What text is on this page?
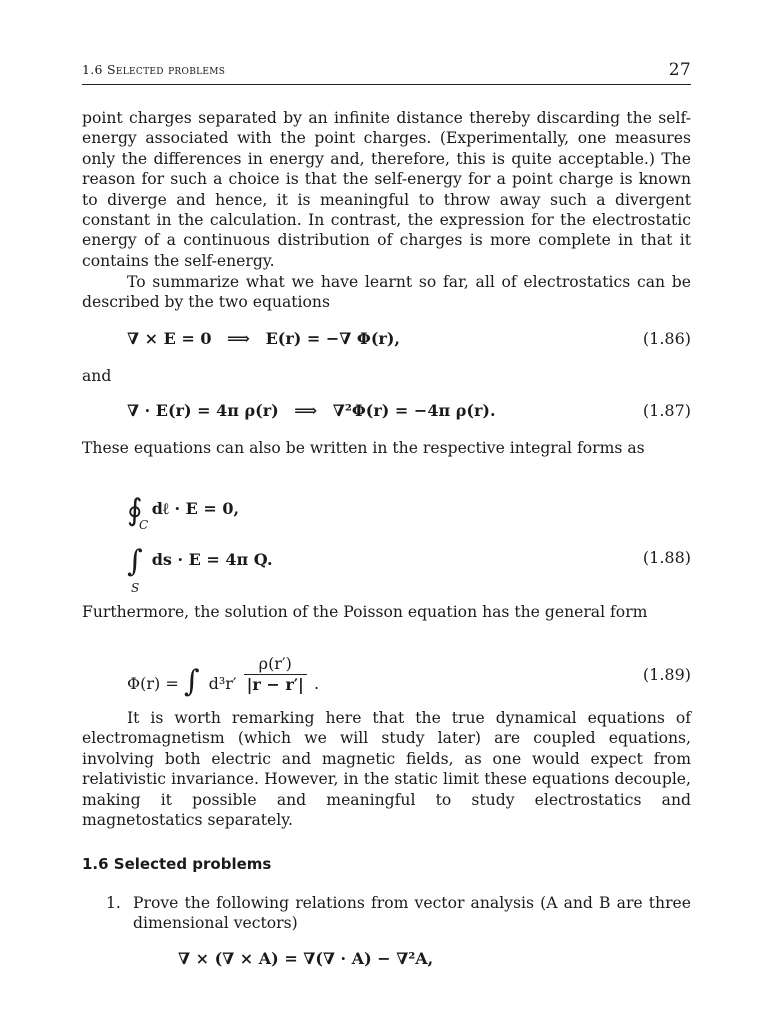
1.6 Selected problems	27

point charges separated by an infinite distance thereby discarding the self-energy associated with the point charges. (Experimentally, one measures only the differences in energy and, therefore, this is quite acceptable.) The reason for such a choice is that the self-energy for a point charge is known to diverge and hence, it is meaningful to throw away such a divergent constant in the calculation. In contrast, the expression for the electrostatic energy of a continuous distribution of charges is more complete in that it contains the self-energy.

To summarize what we have learnt so far, all of electrostatics can be described by the two equations

∇ × E = 0 ⟹ E(r) = −∇ Φ(r),	(1.86)

and

∇ · E(r) = 4π ρ(r) ⟹ ∇²Φ(r) = −4π ρ(r).	(1.87)

These equations can also be written in the respective integral forms as

∮
C
dℓ · E = 0,
∫
S
ds · E = 4π Q.	(1.88)

Furthermore, the solution of the Poisson equation has the general form

Φ(r) = ∫ $d^3r' \frac{\rho(r')}{|r - r'|}$ .	(1.89)

It is worth remarking here that the true dynamical equations of electromagnetism (which we will study later) are coupled equations, involving both electric and magnetic fields, as one would expect from relativistic invariance. However, in the static limit these equations decouple, making it possible and meaningful to study electrostatics and magnetostatics separately.

1.6 Selected problems
1. Prove the following relations from vector analysis (A and B are three dimensional vectors)
∇ × (∇ × A) = ∇(∇ · A) − ∇²A,
